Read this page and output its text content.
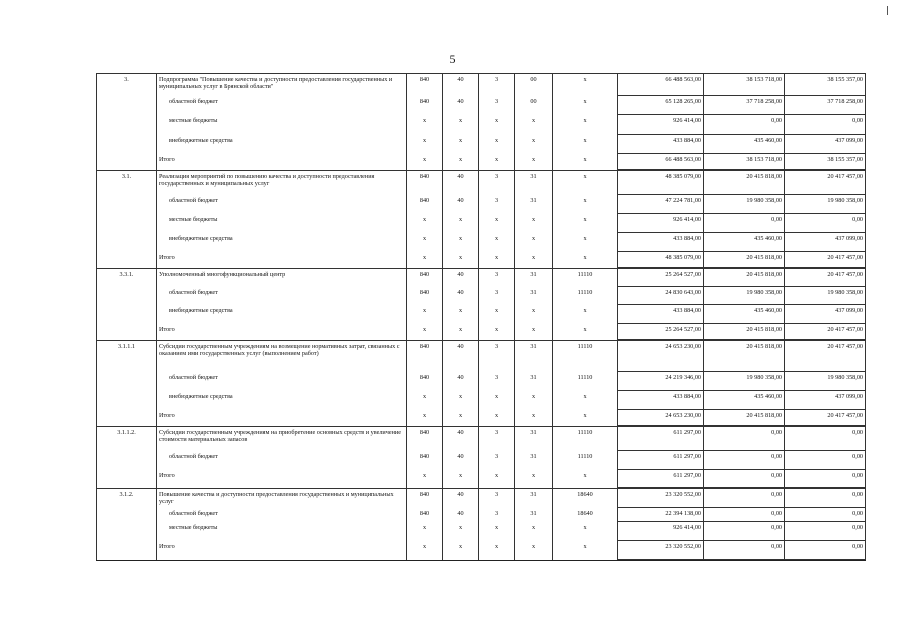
5
3.	Подпрограмма "Повышение качества и доступности предоставления государственных и муниципальных услуг в Брянской области"	840	40	3	00	х	66 488 563,00	38 153 718,00	38 155 357,00

	областной бюджет	840	40	3	00	х	65 128 265,00	37 718 258,00	37 718 258,00

	местные бюджеты	х	х	х	х	х	926 414,00	0,00	0,00

	внебюджетные средства	х	х	х	х	х	433 884,00	435 460,00	437 099,00

	Итого	х	х	х	х	х	66 488 563,00	38 153 718,00	38 155 357,00

3.1.	Реализация мероприятий по повышению качества и доступности предоставления государственных и муниципальных услуг	840	40	3	31	х	48 385 079,00	20 415 818,00	20 417 457,00

	областной бюджет	840	40	3	31	х	47 224 781,00	19 980 358,00	19 980 358,00

	местные бюджеты	х	х	х	х	х	926 414,00	0,00	0,00

	внебюджетные средства	х	х	х	х	х	433 884,00	435 460,00	437 099,00

	Итого	х	х	х	х	х	48 385 079,00	20 415 818,00	20 417 457,00

3.3.1.	Уполномоченный многофункциональный центр	840	40	3	31	11110	25 264 527,00	20 415 818,00	20 417 457,00

	областной бюджет	840	40	3	31	11110	24 830 643,00	19 980 358,00	19 980 358,00

	внебюджетные средства	х	х	х	х	х	433 884,00	435 460,00	437 099,00

	Итого	х	х	х	х	х	25 264 527,00	20 415 818,00	20 417 457,00

3.1.1.1	Субсидии государственным учреждениям на возмещение нормативных затрат, связанных с оказанием ими государственных услуг (выполнением работ)	840	40	3	31	11110	24 653 230,00	20 415 818,00	20 417 457,00

	областной бюджет	840	40	3	31	11110	24 219 346,00	19 980 358,00	19 980 358,00

	внебюджетные средства	х	х	х	х	х	433 884,00	435 460,00	437 099,00

	Итого	х	х	х	х	х	24 653 230,00	20 415 818,00	20 417 457,00

3.1.1.2.	Субсидии государственным учреждениям на приобретение основных средств и увеличение стоимости материальных запасов	840	40	3	31	11110	611 297,00	0,00	0,00

	областной бюджет	840	40	3	31	11110	611 297,00	0,00	0,00

	Итого	х	х	х	х	х	611 297,00	0,00	0,00

3.1.2.	Повышение качества и доступности предоставления государственных и муниципальных услуг	840	40	3	31	18640	23 320 552,00	0,00	0,00

	областной бюджет	840	40	3	31	18640	22 394 138,00	0,00	0,00

	местные бюджеты	х	х	х	х	х	926 414,00	0,00	0,00

	Итого	х	х	х	х	х	23 320 552,00	0,00	0,00
